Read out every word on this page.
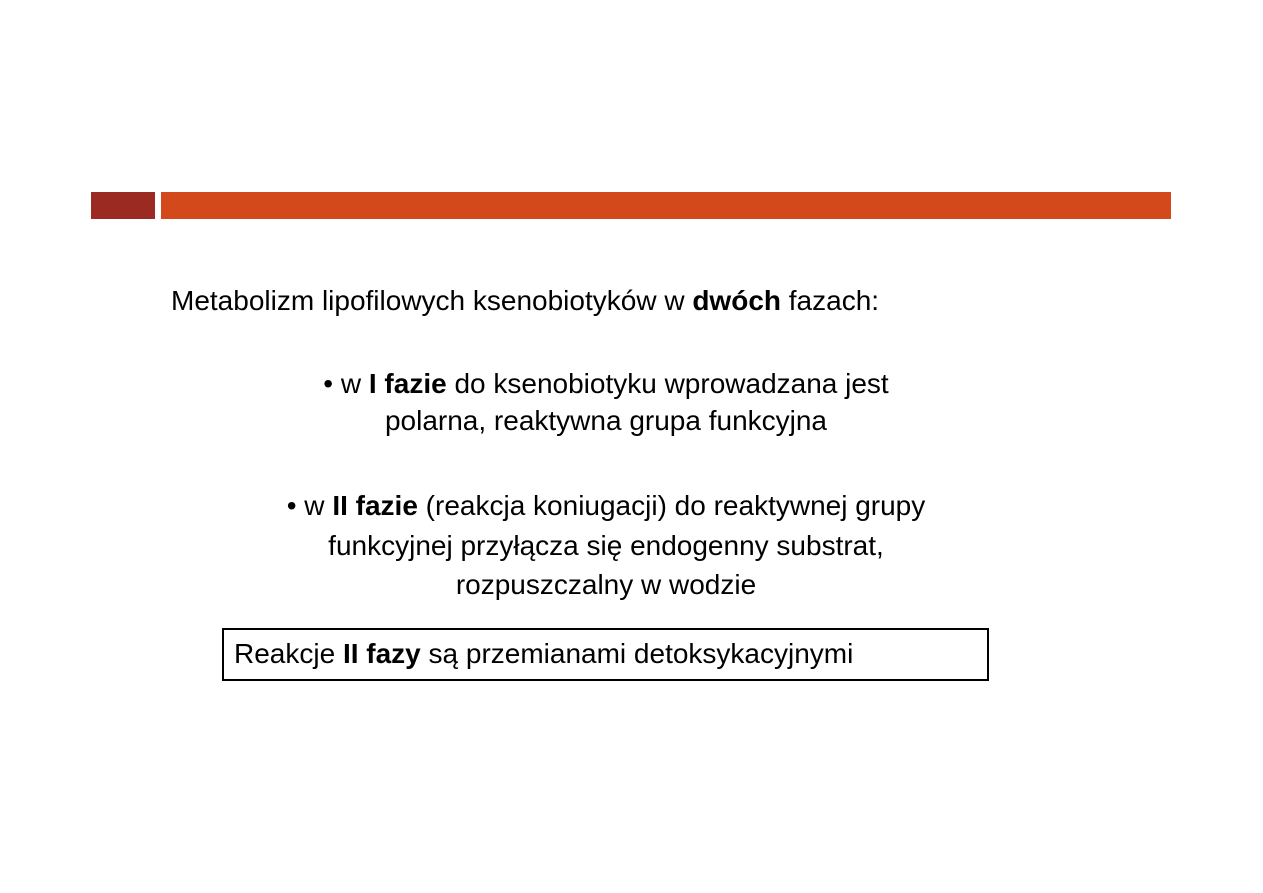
Metabolizm lipofilowych ksenobiotyków w dwóch fazach:
• w I fazie do ksenobiotyku wprowadzana jest
polarna, reaktywna grupa funkcyjna
• w II fazie (reakcja koniugacji) do reaktywnej grupy
funkcyjnej przyłącza się endogenny substrat,
rozpuszczalny w wodzie
Reakcje II fazy są przemianami detoksykacyjnymi
